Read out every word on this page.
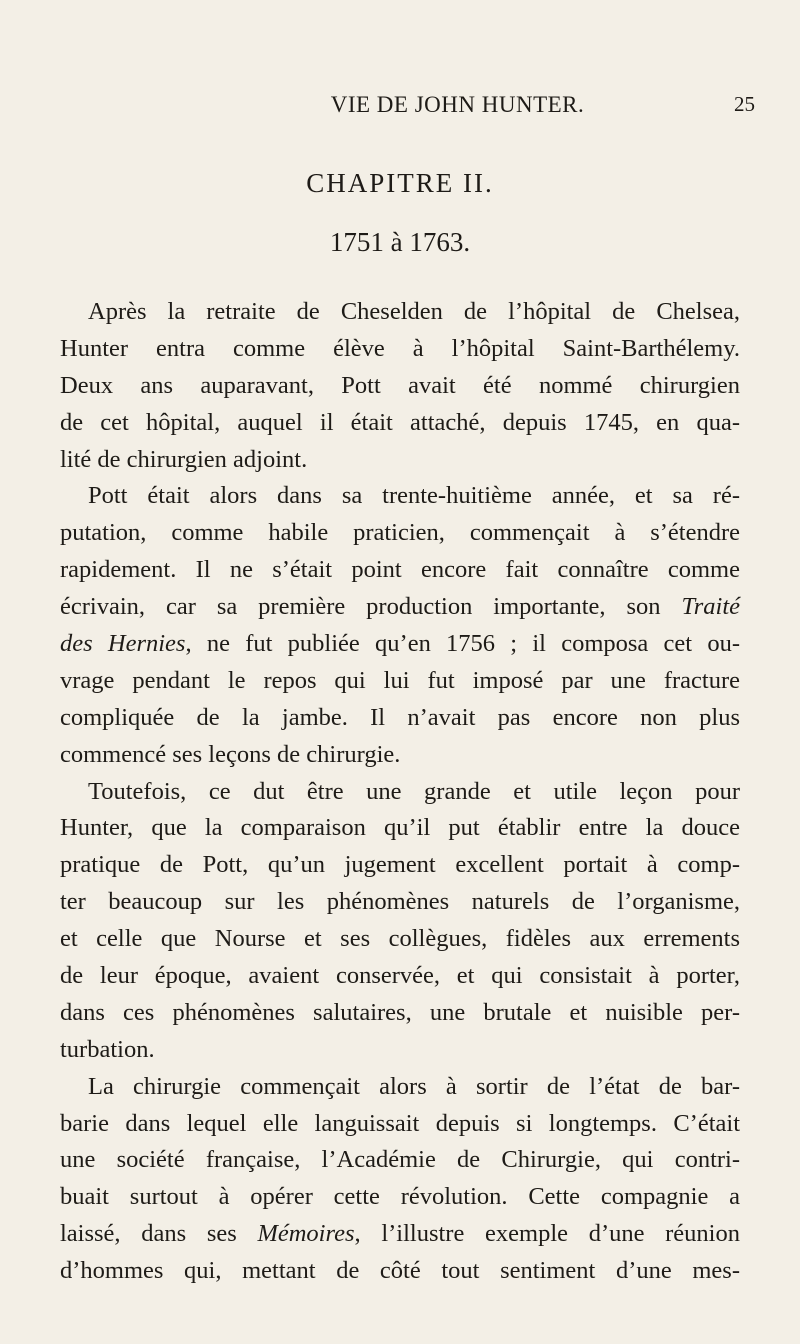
VIE DE JOHN HUNTER.	25
CHAPITRE II.
1751 à 1763.
Après la retraite de Cheselden de l’hôpital de Chelsea,
Hunter entra comme élève à l’hôpital Saint-Barthélemy.
Deux ans auparavant, Pott avait été nommé chirurgien
de cet hôpital, auquel il était attaché, depuis 1745, en qua-
lité de chirurgien adjoint.
Pott était alors dans sa trente-huitième année, et sa ré-
putation, comme habile praticien, commençait à s’étendre
rapidement. Il ne s’était point encore fait connaître comme
écrivain, car sa première production importante, son Traité
des Hernies, ne fut publiée qu’en 1756 ; il composa cet ou-
vrage pendant le repos qui lui fut imposé par une fracture
compliquée de la jambe. Il n’avait pas encore non plus
commencé ses leçons de chirurgie.
Toutefois, ce dut être une grande et utile leçon pour
Hunter, que la comparaison qu’il put établir entre la douce
pratique de Pott, qu’un jugement excellent portait à comp-
ter beaucoup sur les phénomènes naturels de l’organisme,
et celle que Nourse et ses collègues, fidèles aux errements
de leur époque, avaient conservée, et qui consistait à porter,
dans ces phénomènes salutaires, une brutale et nuisible per-
turbation.
La chirurgie commençait alors à sortir de l’état de bar-
barie dans lequel elle languissait depuis si longtemps. C’était
une société française, l’Académie de Chirurgie, qui contri-
buait surtout à opérer cette révolution. Cette compagnie a
laissé, dans ses Mémoires, l’illustre exemple d’une réunion
d’hommes qui, mettant de côté tout sentiment d’une mes-
